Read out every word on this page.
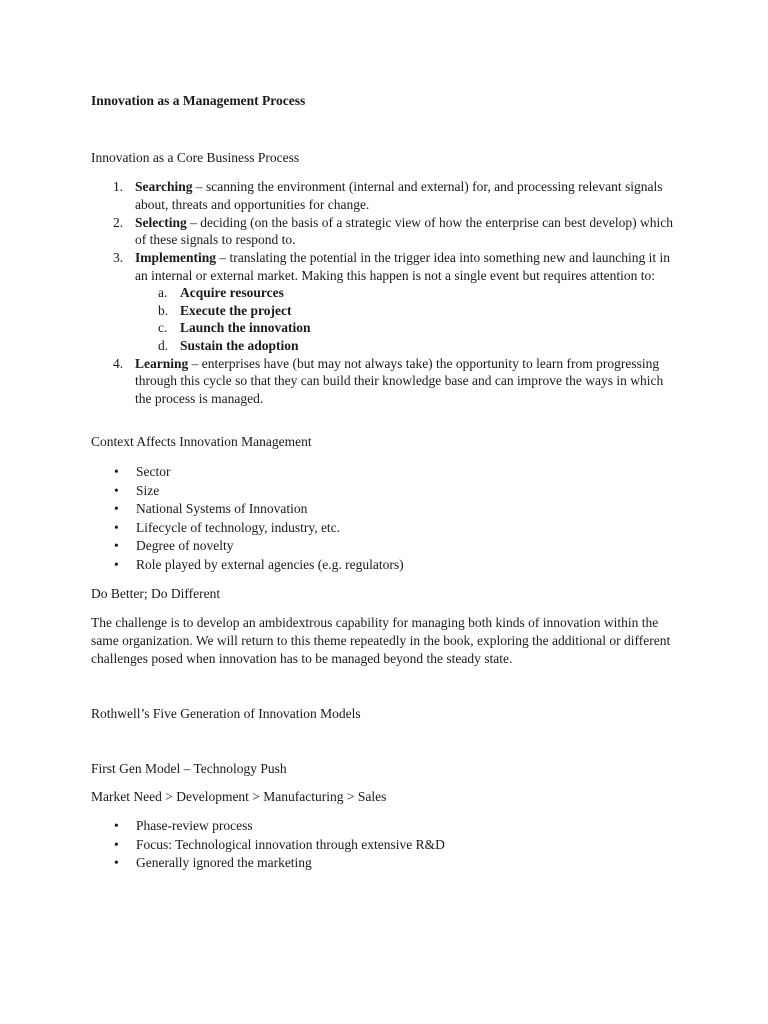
Innovation as a Management Process
Innovation as a Core Business Process
1. Searching – scanning the environment (internal and external) for, and processing relevant signals about, threats and opportunities for change.
2. Selecting – deciding (on the basis of a strategic view of how the enterprise can best develop) which of these signals to respond to.
3. Implementing – translating the potential in the trigger idea into something new and launching it in an internal or external market. Making this happen is not a single event but requires attention to:
a. Acquire resources
b. Execute the project
c. Launch the innovation
d. Sustain the adoption
4. Learning – enterprises have (but may not always take) the opportunity to learn from progressing through this cycle so that they can build their knowledge base and can improve the ways in which the process is managed.
Context Affects Innovation Management
• Sector
• Size
• National Systems of Innovation
• Lifecycle of technology, industry, etc.
• Degree of novelty
• Role played by external agencies (e.g. regulators)
Do Better; Do Different
The challenge is to develop an ambidextrous capability for managing both kinds of innovation within the same organization. We will return to this theme repeatedly in the book, exploring the additional or different challenges posed when innovation has to be managed beyond the steady state.
Rothwell’s Five Generation of Innovation Models
First Gen Model – Technology Push
Market Need > Development > Manufacturing > Sales
• Phase-review process
• Focus: Technological innovation through extensive R&D
• Generally ignored the marketing
